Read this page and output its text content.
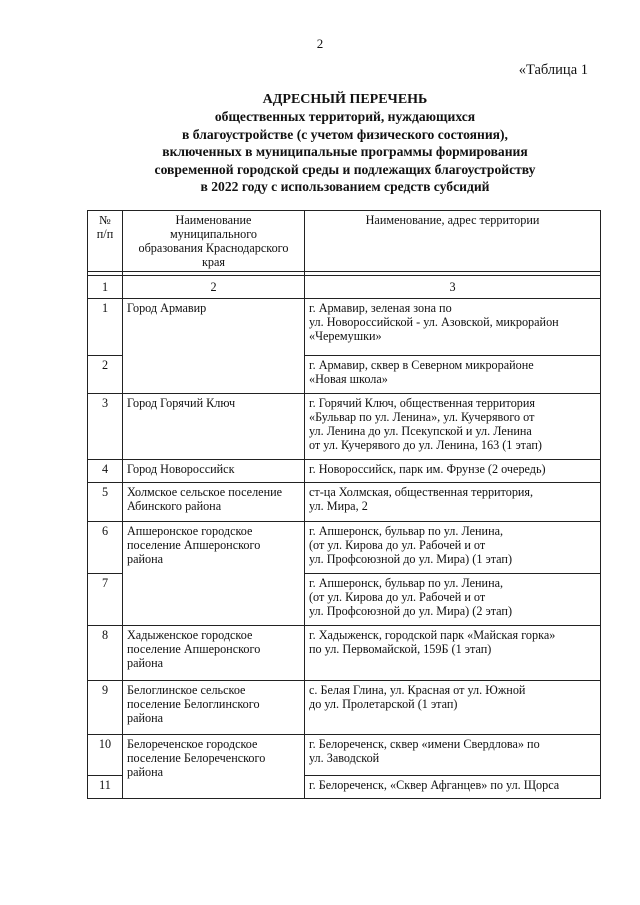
2
«Таблица 1
АДРЕСНЫЙ ПЕРЕЧЕНЬ
общественных территорий, нуждающихся
в благоустройстве (с учетом физического состояния),
включенных в муниципальные программы формирования
современной городской среды и подлежащих благоустройству
в 2022 году с использованием средств субсидий
№
п/п	Наименование
муниципального
образования Краснодарского
края	Наименование, адрес территории

1	2	3
1	Город Армавир	г. Армавир, зеленая зона по
ул. Новороссийской - ул. Азовской, микрорайон
«Черемушки»
2		г. Армавир, сквер в Северном микрорайоне
«Новая школа»
3	Город Горячий Ключ	г. Горячий Ключ, общественная территория
«Бульвар по ул. Ленина», ул. Кучерявого от
ул. Ленина до ул. Псекупской и ул. Ленина
от ул. Кучерявого до ул. Ленина, 163 (1 этап)
4	Город Новороссийск	г. Новороссийск, парк им. Фрунзе (2 очередь)
5	Холмское сельское поселение
Абинского района	ст-ца Холмская, общественная территория,
ул. Мира, 2
6	Апшеронское городское
поселение Апшеронского
района	г. Апшеронск, бульвар по ул. Ленина,
(от ул. Кирова до ул. Рабочей и от
ул. Профсоюзной до ул. Мира) (1 этап)
7		г. Апшеронск, бульвар по ул. Ленина,
(от ул. Кирова до ул. Рабочей и от
ул. Профсоюзной до ул. Мира) (2 этап)
8	Хадыженское городское
поселение Апшеронского
района	г. Хадыженск, городской парк «Майская горка»
по ул. Первомайской, 159Б (1 этап)
9	Белоглинское сельское
поселение Белоглинского
района	с. Белая Глина, ул. Красная от ул. Южной
до ул. Пролетарской (1 этап)
10	Белореченское городское
поселение Белореченского
района	г. Белореченск, сквер «имени Свердлова» по
ул. Заводской
11		г. Белореченск, «Сквер Афганцев» по ул. Щорса
